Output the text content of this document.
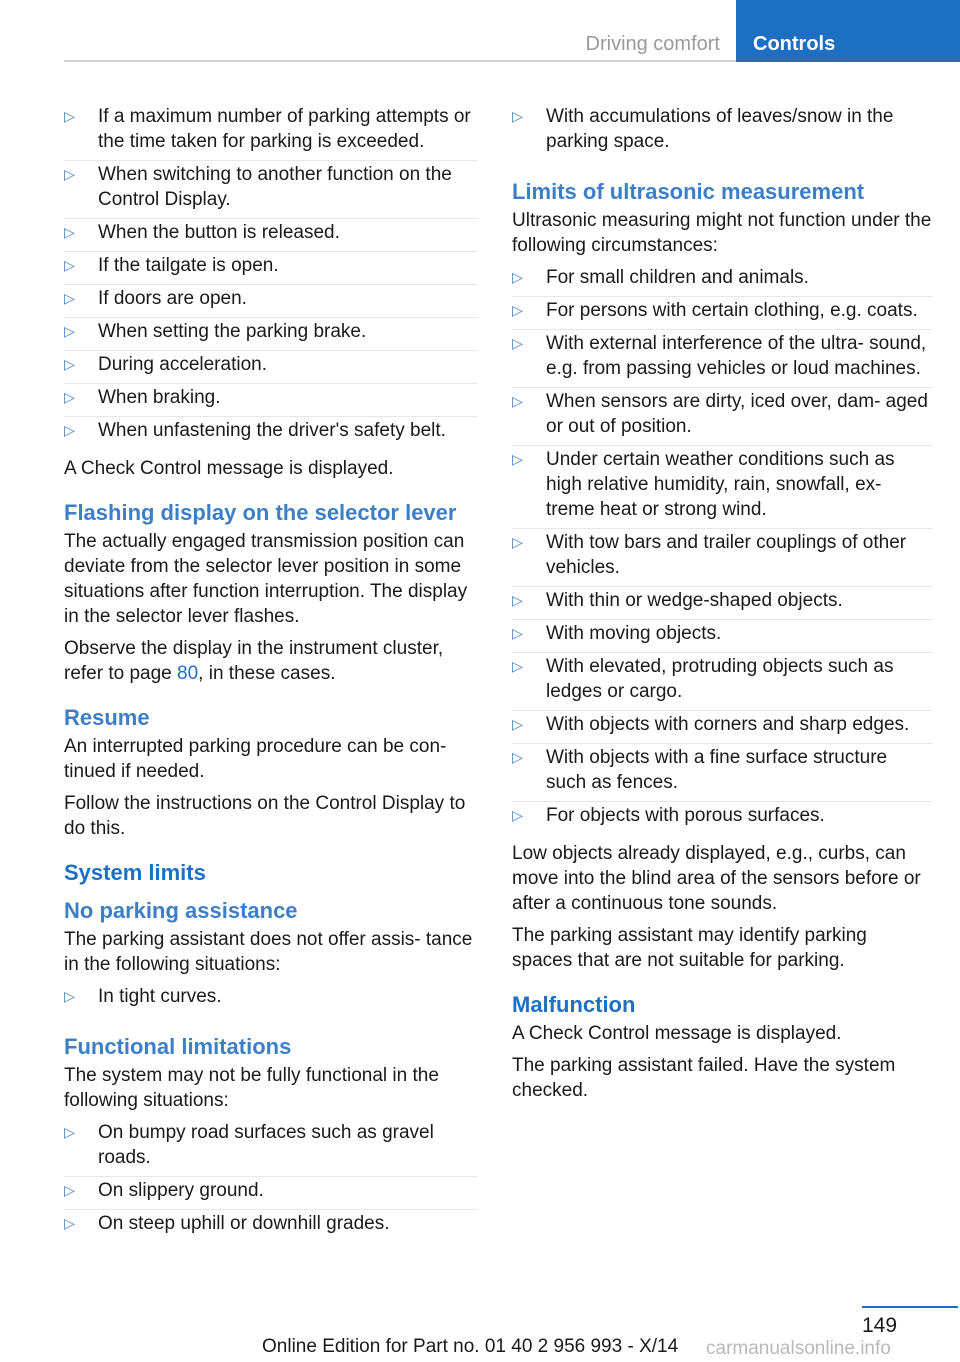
Driving comfort	Controls
▷	If a maximum number of parking attempts or the time taken for parking is exceeded.
▷	When switching to another function on the Control Display.
▷	When the button is released.
▷	If the tailgate is open.
▷	If doors are open.
▷	When setting the parking brake.
▷	During acceleration.
▷	When braking.
▷	When unfastening the driver's safety belt.
A Check Control message is displayed.
Flashing display on the selector lever
The actually engaged transmission position can deviate from the selector lever position in some situations after function interruption. The display in the selector lever flashes.
Observe the display in the instrument cluster, refer to page 80, in these cases.
Resume
An interrupted parking procedure can be con‐ tinued if needed.
Follow the instructions on the Control Display to do this.
System limits
No parking assistance
The parking assistant does not offer assis‐ tance in the following situations:
▷	In tight curves.
Functional limitations
The system may not be fully functional in the following situations:
▷	On bumpy road surfaces such as gravel roads.
▷	On slippery ground.
▷	On steep uphill or downhill grades.
▷	With accumulations of leaves/snow in the parking space.
Limits of ultrasonic measurement
Ultrasonic measuring might not function under the following circumstances:
▷	For small children and animals.
▷	For persons with certain clothing, e.g. coats.
▷	With external interference of the ultra‐ sound, e.g. from passing vehicles or loud machines.
▷	When sensors are dirty, iced over, dam‐ aged or out of position.
▷	Under certain weather conditions such as high relative humidity, rain, snowfall, ex‐ treme heat or strong wind.
▷	With tow bars and trailer couplings of other vehicles.
▷	With thin or wedge-shaped objects.
▷	With moving objects.
▷	With elevated, protruding objects such as ledges or cargo.
▷	With objects with corners and sharp edges.
▷	With objects with a fine surface structure such as fences.
▷	For objects with porous surfaces.
Low objects already displayed, e.g., curbs, can move into the blind area of the sensors before or after a continuous tone sounds.
The parking assistant may identify parking spaces that are not suitable for parking.
Malfunction
A Check Control message is displayed.
The parking assistant failed. Have the system checked.
149
Online Edition for Part no. 01 40 2 956 993 - X/14 carmanualsonline.info
